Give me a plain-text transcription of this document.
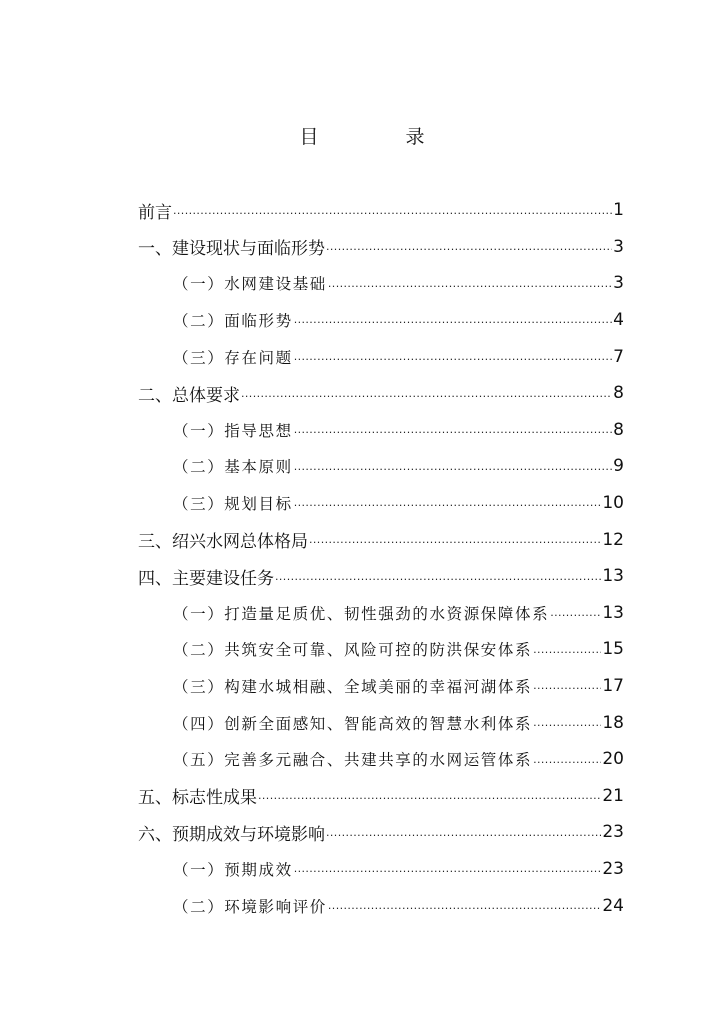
目　录
前言 .....	1
一、建设现状与面临形势 .....	3
（一）水网建设基础 .....	3
（二）面临形势 .....	4
（三）存在问题 .....	7
二、总体要求 .....	8
（一）指导思想 .....	8
（二）基本原则 .....	9
（三）规划目标 .....	10
三、绍兴水网总体格局 .....	12
四、主要建设任务 .....	13
（一）打造量足质优、韧性强劲的水资源保障体系 .....	13
（二）共筑安全可靠、风险可控的防洪保安体系 .....	15
（三）构建水城相融、全域美丽的幸福河湖体系 .....	17
（四）创新全面感知、智能高效的智慧水利体系 .....	18
（五）完善多元融合、共建共享的水网运管体系 .....	20
五、标志性成果 .....	21
六、预期成效与环境影响 .....	23
（一）预期成效 .....	23
（二）环境影响评价 .....	24
